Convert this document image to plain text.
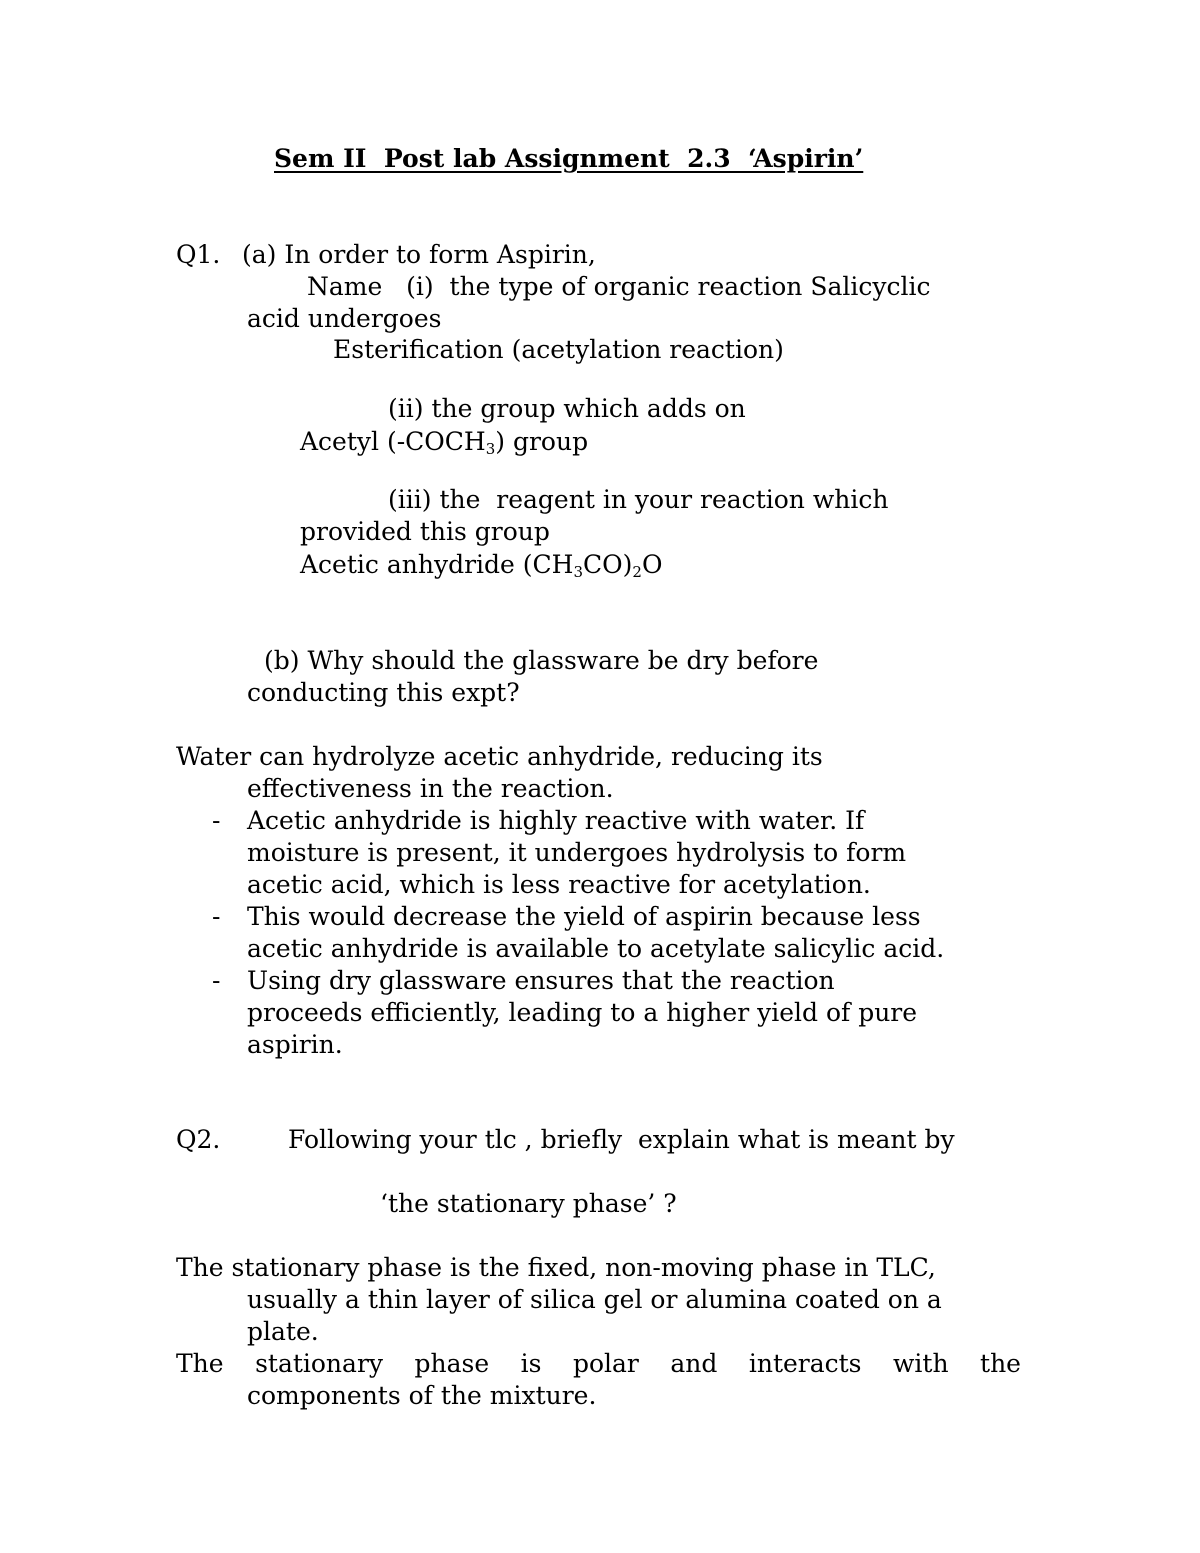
Sem II  Post lab Assignment  2.3  ‘Aspirin’
Q1. (a) In order to form Aspirin,
Name   (i)  the type of organic reaction Salicyclic
acid undergoes
Esterification (acetylation reaction)
(ii) the group which adds on
Acetyl $(-COCH_3)$ group
(iii) the  reagent in your reaction which
provided this group
Acetic anhydride $(CH_3CO)_2O$
(b) Why should the glassware be dry before
conducting this expt?
Water can hydrolyze acetic anhydride, reducing its
effectiveness in the reaction.
- Acetic anhydride is highly reactive with water. If
moisture is present, it undergoes hydrolysis to form
acetic acid, which is less reactive for acetylation.
- This would decrease the yield of aspirin because less
acetic anhydride is available to acetylate salicylic acid.
- Using dry glassware ensures that the reaction
proceeds efficiently, leading to a higher yield of pure
aspirin.
Q2.	Following your tlc , briefly  explain what is meant by
‘the stationary phase’ ?
The stationary phase is the fixed, non-moving phase in TLC,
usually a thin layer of silica gel or alumina coated on a
plate.
The stationary phase is polar and interacts with the
components of the mixture.
